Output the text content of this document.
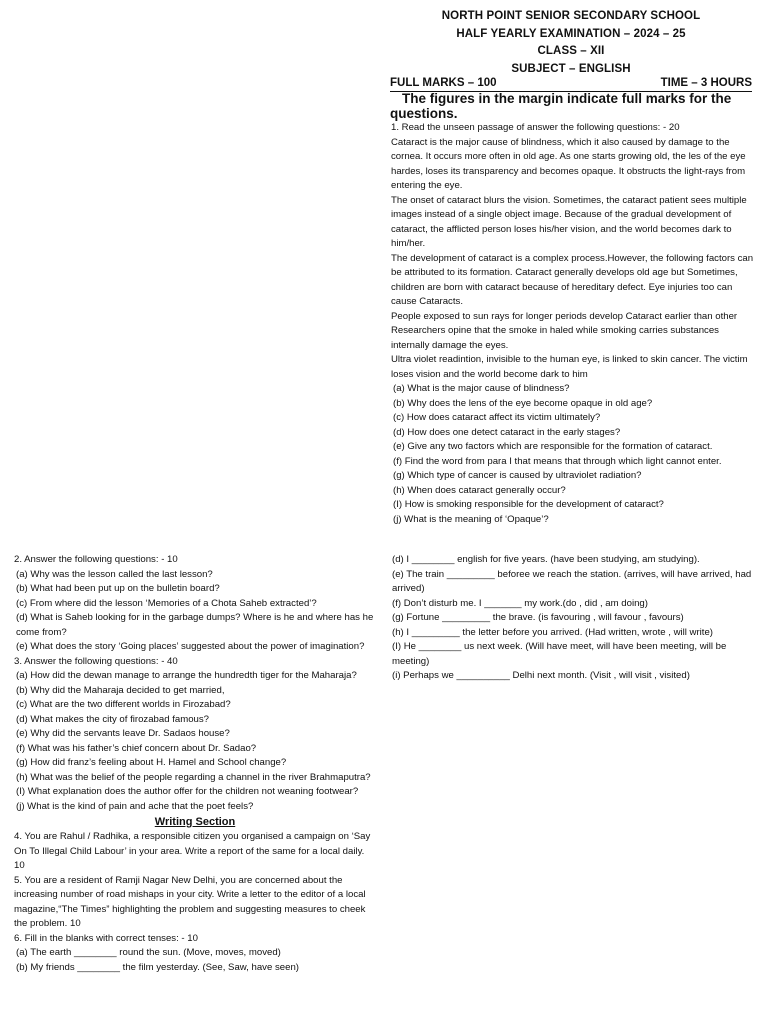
NORTH POINT SENIOR SECONDARY SCHOOL
HALF YEARLY EXAMINATION – 2024 – 25
CLASS – XII
SUBJECT – ENGLISH
FULL MARKS – 100	TIME – 3 HOURS
The figures in the margin indicate full marks for the questions.

1. Read the unseen passage of answer the following questions: - 20

Cataract is the major cause of blindness, which it also caused by damage to the cornea. It occurs more often in old age. As one starts growing old, the les of the eye hardes, loses its transparency and becomes opaque. It obstructs the light-rays from entering the eye.

The onset of cataract blurs the vision. Sometimes, the cataract patient sees multiple images instead of a single object image. Because of the gradual development of cataract, the afflicted person loses his/her vision, and the world becomes dark to him/her.

The development of cataract is a complex process.However, the following factors can be attributed to its formation. Cataract generally develops old age but Sometimes, children are born with cataract because of hereditary defect. Eye injuries too can cause Cataracts.

People exposed to sun rays for longer periods develop Cataract earlier than other Researchers opine that the smoke in haled while smoking carries substances internally damage the eyes.

Ultra violet readintion, invisible to the human eye, is linked to skin cancer. The victim loses vision and the world become dark to him

(a) What is the major cause of blindness?

(b) Why does the lens of the eye become opaque in old age?

(c) How does cataract affect its victim ultimately?

(d) How does one detect cataract in the early stages?

(e) Give any two factors which are responsible for the formation of cataract.

(f) Find the word from para I that means that through which light cannot enter.

(g) Which type of cancer is caused by ultraviolet radiation?

(h) When does cataract generally occur?

(I) How is smoking responsible for the development of cataract?

(j) What is the meaning of ‘Opaque’?

2. Answer the following questions: - 10

(a) Why was the lesson called the last lesson?

(b) What had been put up on the bulletin board?

(c) From where did the lesson ‘Memories of a Chota Saheb extracted’?

(d) What is Saheb looking for in the garbage dumps? Where is he and where has he come from?

(e) What does the story ‘Going places’ suggested about the power of imagination?

3. Answer the following questions: - 40

(a) How did the dewan manage to arrange the hundredth tiger for the Maharaja?

(b) Why did the Maharaja decided to get married,

(c) What are the two different worlds in Firozabad?

(d) What makes the city of firozabad famous?

(e) Why did the servants leave Dr. Sadaos house?

(f) What was his father’s chief concern about Dr. Sadao?

(g) How did franz’s feeling about H. Hamel and School change?

(h) What was the belief of the people regarding a channel in the river Brahmaputra?

(I) What explanation does the author offer for the children not weaning footwear?

(j) What is the kind of pain and ache that the poet feels?

Writing Section

4. You are Rahul / Radhika, a responsible citizen you organised a campaign on ‘Say On To Illegal Child Labour’ in your area. Write a report of the same for a local daily. 10

5. You are a resident of Ramji Nagar New Delhi, you are concerned about the increasing number of road mishaps in your city. Write a letter to the editor of a local magazine,“The Times” highlighting the problem and suggesting measures to cheek the problem. 10

6. Fill in the blanks with correct tenses: - 10

(a) The earth ________ round the sun. (Move, moves, moved)

(b) My friends ________ the film yesterday. (See, Saw, have seen)

(d) I ________ english for five years. (have been studying, am studying).

(e) The train _________ beforee we reach the station. (arrives, will have arrived, had arrived)

(f) Don’t disturb me. I _______ my work.(do , did , am doing)

(g) Fortune _________ the brave. (is favouring , will favour , favours)

(h) I _________ the letter before you arrived. (Had written, wrote , will write)

(I) He ________ us next week. (Will have meet, will have been meeting, will be meeting)

(i) Perhaps we __________ Delhi next month. (Visit , will visit , visited)
